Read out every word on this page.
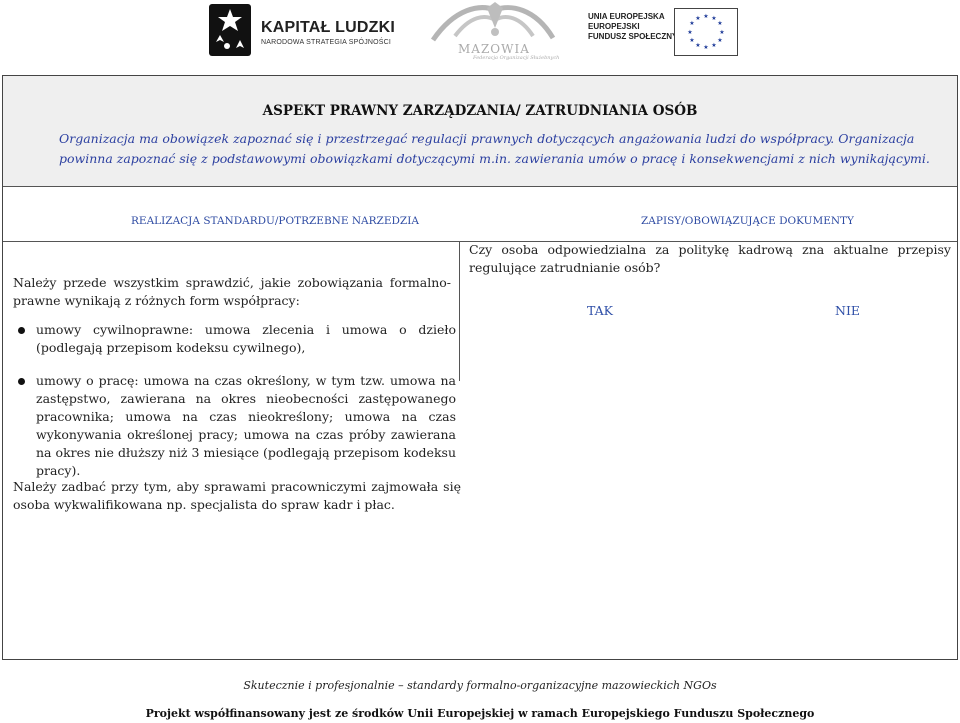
KAPITAŁ LUDZKI
NARODOWA STRATEGIA SPÓJNOŚCI	MAZOWIA
Federacja Organizacji Służebnych
UNIA EUROPEJSKA
EUROPEJSKI
FUNDUSZ SPOŁECZNY
★ ★
★
★
★
★
★
★
★
★
★
★
ASPEKT PRAWNY ZARZĄDZANIA/ ZATRUDNIANIA OSÓB
Organizacja ma obowiązek zapoznać się i przestrzegać regulacji prawnych dotyczących angażowania ludzi do współpracy. Organizacja powinna zapoznać się z podstawowymi obowiązkami dotyczącymi m.in. zawierania umów o pracę i konsekwencjami z nich wynikającymi.
REALIZACJA STANDARDU/POTRZEBNE NARZEDZIA	ZAPISY/OBOWIĄZUJĄCE DOKUMENTY
Należy przede wszystkim sprawdzić, jakie zobowiązania formalno-prawne wynikają z różnych form współpracy:
umowy cywilnoprawne: umowa zlecenia i umowa o dzieło (podlegają przepisom kodeksu cywilnego),
umowy o pracę: umowa na czas określony, w tym tzw. umowa na zastępstwo, zawierana na okres nieobecności zastępowanego pracownika; umowa na czas nieokreślony; umowa na czas wykonywania określonej pracy; umowa na czas próby zawierana na okres nie dłuższy niż 3 miesiące (podlegają przepisom kodeksu pracy).
Należy zadbać przy tym, aby sprawami pracowniczymi zajmowała się osoba wykwalifikowana np. specjalista do spraw kadr i płac.
Czy osoba odpowiedzialna za politykę kadrową zna aktualne przepisy regulujące zatrudnianie osób?
TAK	NIE
Skutecznie i profesjonalnie – standardy formalno-organizacyjne mazowieckich NGOs
Projekt współfinansowany jest ze środków Unii Europejskiej w ramach Europejskiego Funduszu Społecznego
